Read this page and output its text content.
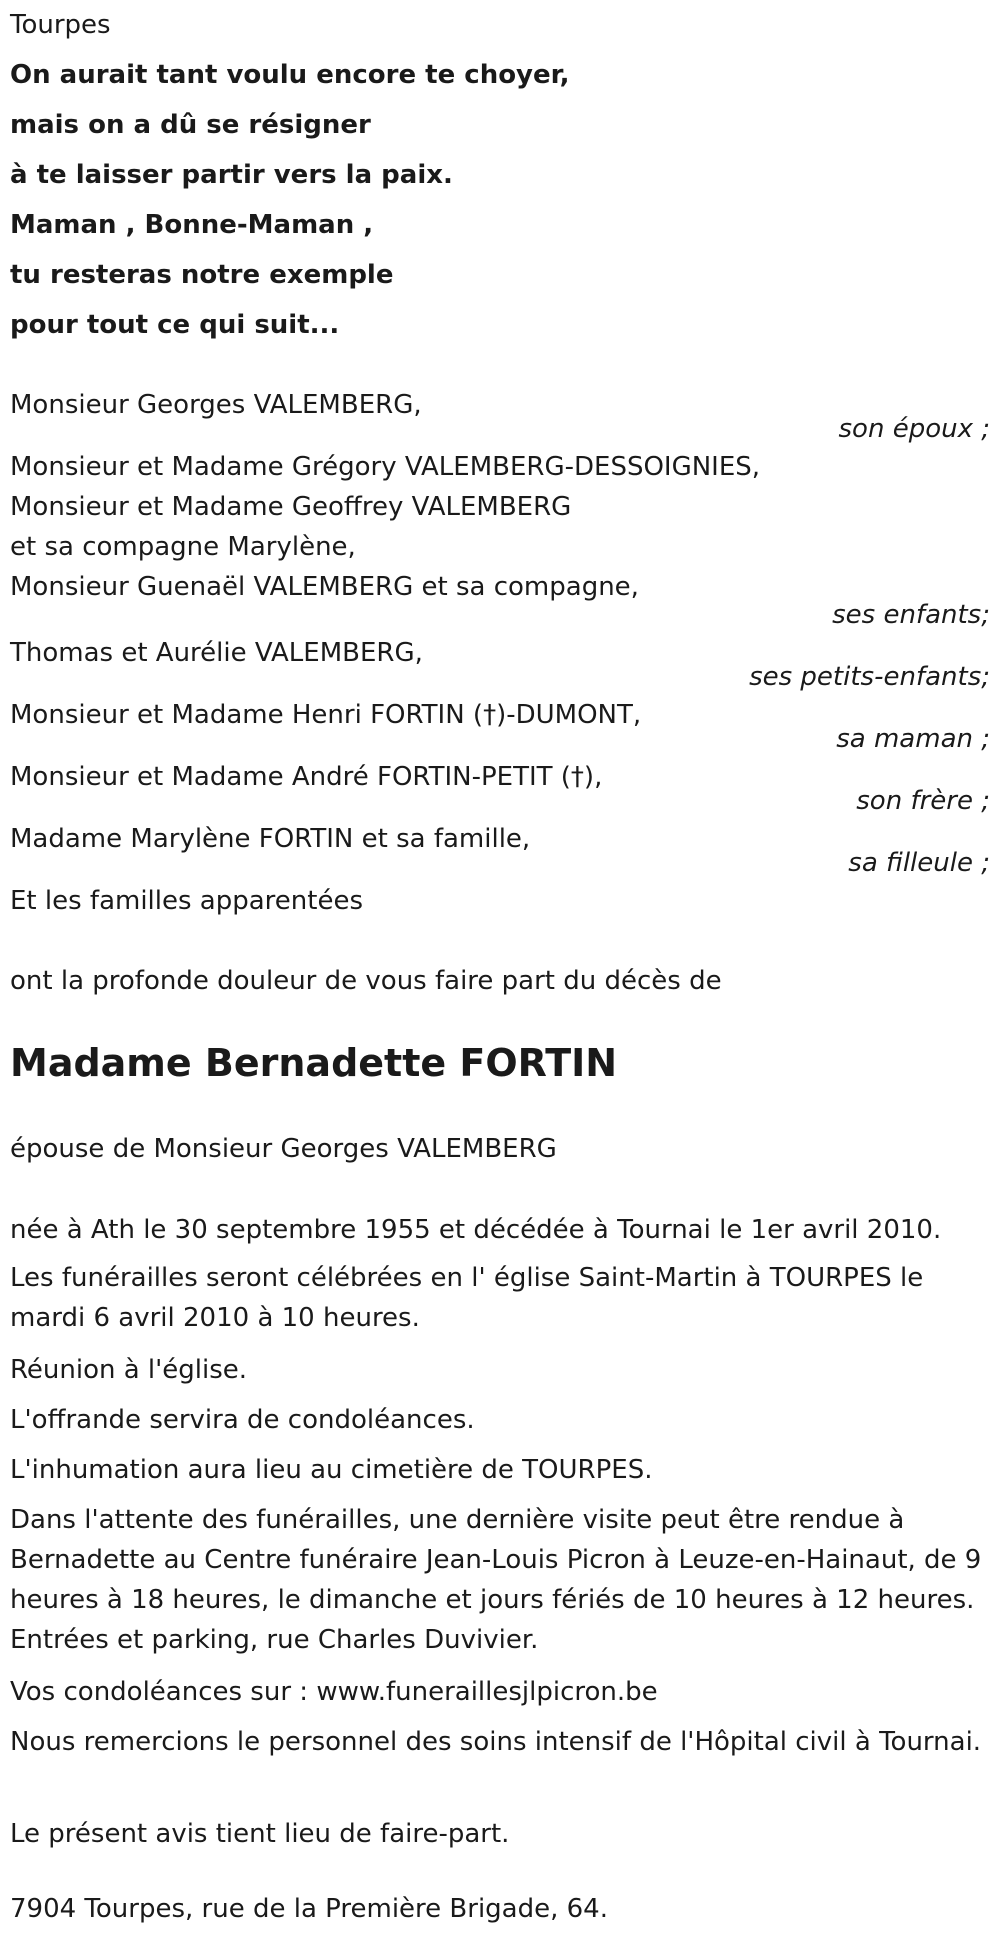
Tourpes
On aurait tant voulu encore te choyer,
mais on a dû se résigner
à te laisser partir vers la paix.
Maman , Bonne-Maman ,
tu resteras notre exemple
pour tout ce qui suit...
Monsieur Georges VALEMBERG,
son époux ;
Monsieur et Madame Grégory VALEMBERG-DESSOIGNIES,
Monsieur et Madame Geoffrey VALEMBERG
et sa compagne Marylène,
Monsieur Guenaël VALEMBERG et sa compagne,
ses enfants;
Thomas et Aurélie VALEMBERG,
ses petits-enfants;
Monsieur et Madame Henri FORTIN (†)-DUMONT,
sa maman ;
Monsieur et Madame André FORTIN-PETIT (†),
son frère ;
Madame Marylène FORTIN et sa famille,
sa filleule ;
Et les familles apparentées
ont la profonde douleur de vous faire part du décès de
Madame Bernadette FORTIN
épouse de Monsieur Georges VALEMBERG
née à Ath le 30 septembre 1955 et décédée à Tournai le 1er avril 2010.
Les funérailles seront célébrées en l' église Saint-Martin à TOURPES le mardi 6 avril 2010 à 10 heures.
Réunion à l'église.
L'offrande servira de condoléances.
L'inhumation aura lieu au cimetière de TOURPES.
Dans l'attente des funérailles, une dernière visite peut être rendue à Bernadette au Centre funéraire Jean-Louis Picron à Leuze-en-Hainaut, de 9 heures à 18 heures, le dimanche et jours fériés de 10 heures à 12 heures. Entrées et parking, rue Charles Duvivier.
Vos condoléances sur : www.funeraillesjlpicron.be
Nous remercions le personnel des soins intensif de l'Hôpital civil à Tournai.
Le présent avis tient lieu de faire-part.
7904 Tourpes, rue de la Première Brigade, 64.
